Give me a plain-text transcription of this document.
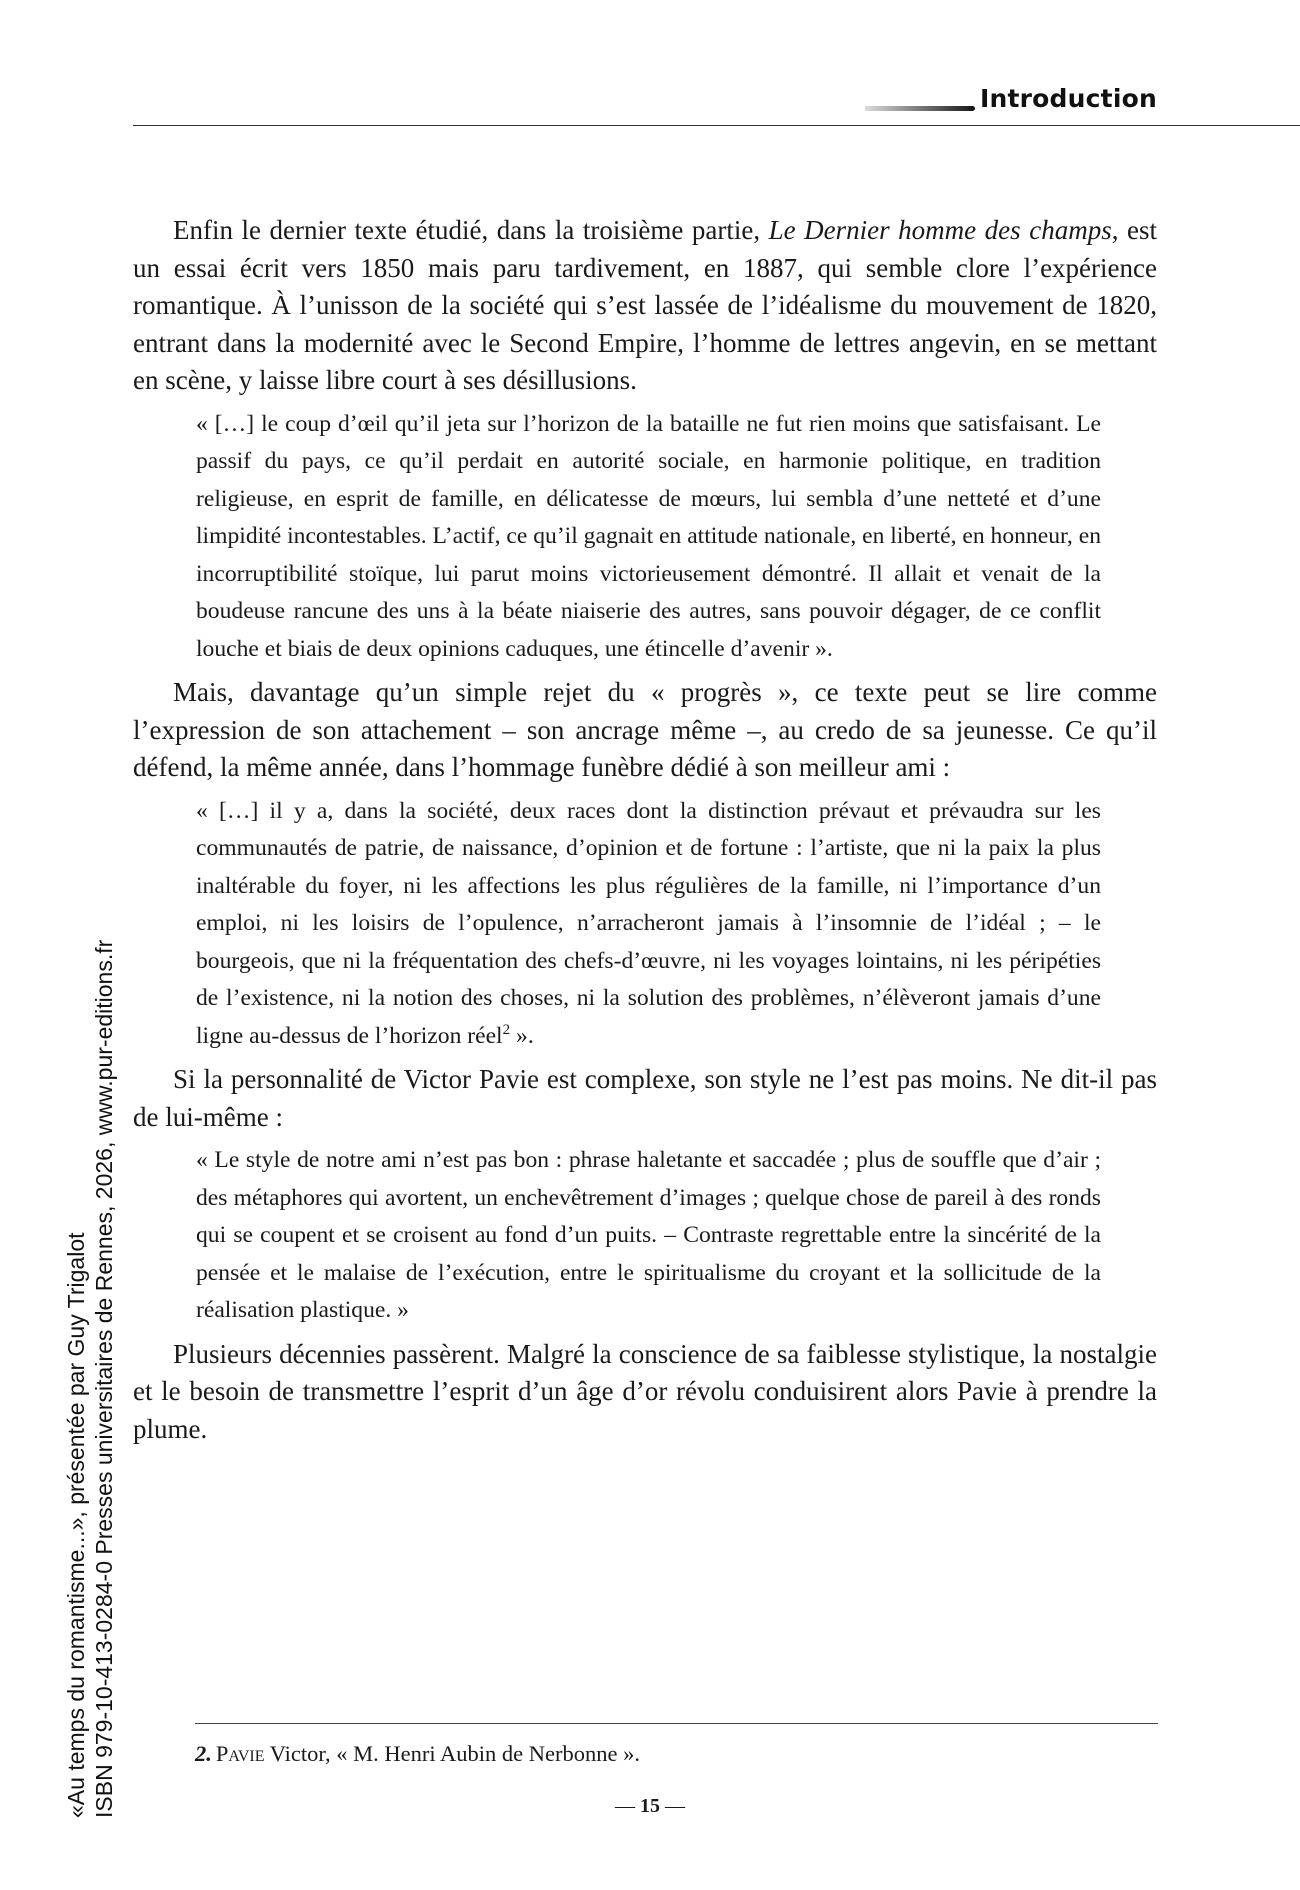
Introduction

Enfin le dernier texte étudié, dans la troisième partie, Le Dernier homme des champs, est un essai écrit vers 1850 mais paru tardivement, en 1887, qui semble clore l’expérience romantique. À l’unisson de la société qui s’est lassée de l’idéalisme du mouvement de 1820, entrant dans la modernité avec le Second Empire, l’homme de lettres angevin, en se mettant en scène, y laisse libre court à ses désillusions.

« […] le coup d’œil qu’il jeta sur l’horizon de la bataille ne fut rien moins que satisfaisant. Le passif du pays, ce qu’il perdait en autorité sociale, en harmonie politique, en tradition religieuse, en esprit de famille, en délicatesse de mœurs, lui sembla d’une netteté et d’une limpidité incontestables. L’actif, ce qu’il gagnait en attitude nationale, en liberté, en honneur, en incorruptibilité stoïque, lui parut moins victorieusement démontré. Il allait et venait de la boudeuse rancune des uns à la béate niaiserie des autres, sans pouvoir dégager, de ce conflit louche et biais de deux opinions caduques, une étincelle d’avenir ».

Mais, davantage qu’un simple rejet du « progrès », ce texte peut se lire comme l’expression de son attachement – son ancrage même –, au credo de sa jeunesse. Ce qu’il défend, la même année, dans l’hommage funèbre dédié à son meilleur ami :

« […] il y a, dans la société, deux races dont la distinction prévaut et prévaudra sur les communautés de patrie, de naissance, d’opinion et de fortune : l’artiste, que ni la paix la plus inaltérable du foyer, ni les affections les plus régulières de la famille, ni l’importance d’un emploi, ni les loisirs de l’opulence, n’arracheront jamais à l’insomnie de l’idéal ; – le bourgeois, que ni la fréquentation des chefs-d’œuvre, ni les voyages lointains, ni les péripéties de l’existence, ni la notion des choses, ni la solution des problèmes, n’élèveront jamais d’une ligne au-dessus de l’horizon réel$^2$ ».

Si la personnalité de Victor Pavie est complexe, son style ne l’est pas moins. Ne dit-il pas de lui-même :

« Le style de notre ami n’est pas bon : phrase haletante et saccadée ; plus de souffle que d’air ; des métaphores qui avortent, un enchevêtrement d’images ; quelque chose de pareil à des ronds qui se coupent et se croisent au fond d’un puits. – Contraste regrettable entre la sincérité de la pensée et le malaise de l’exécution, entre le spiritualisme du croyant et la sollicitude de la réalisation plastique. »

Plusieurs décennies passèrent. Malgré la conscience de sa faiblesse stylistique, la nostalgie et le besoin de transmettre l’esprit d’un âge d’or révolu conduisirent alors Pavie à prendre la plume.

2. Pavie Victor, « M. Henri Aubin de Nerbonne ».
— 15 —
«Au temps du romantisme...», présentée par Guy Trigalot ISBN 979-10-413-0284-0 Presses universitaires de Rennes, 2026, www.pur-editions.fr
